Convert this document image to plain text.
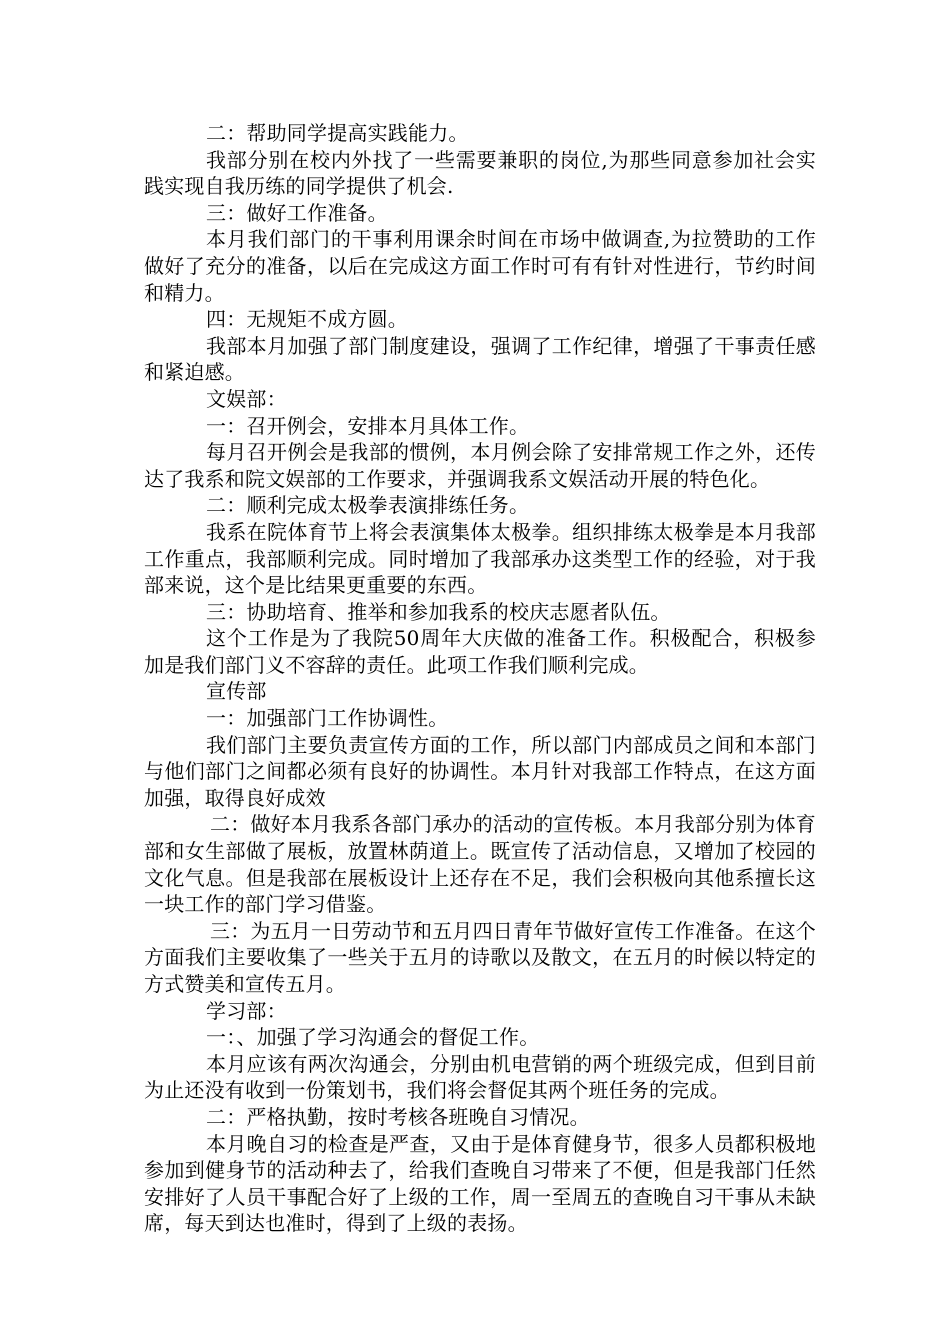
二：帮助同学提高实践能力。

我部分别在校内外找了一些需要兼职的岗位,为那些同意参加社会实践实现自我历练的同学提供了机会.

三：做好工作准备。

本月我们部门的干事利用课余时间在市场中做调查,为拉赞助的工作做好了充分的准备，以后在完成这方面工作时可有有针对性进行，节约时间和精力。

四：无规矩不成方圆。

我部本月加强了部门制度建设，强调了工作纪律，增强了干事责任感和紧迫感。

文娱部：

一：召开例会，安排本月具体工作。

每月召开例会是我部的惯例，本月例会除了安排常规工作之外，还传达了我系和院文娱部的工作要求，并强调我系文娱活动开展的特色化。

二：顺利完成太极拳表演排练任务。

我系在院体育节上将会表演集体太极拳。组织排练太极拳是本月我部工作重点，我部顺利完成。同时增加了我部承办这类型工作的经验，对于我部来说，这个是比结果更重要的东西。

三：协助培育、推举和参加我系的校庆志愿者队伍。

这个工作是为了我院50周年大庆做的准备工作。积极配合，积极参加是我们部门义不容辞的责任。此项工作我们顺利完成。

宣传部

一：加强部门工作协调性。

我们部门主要负责宣传方面的工作，所以部门内部成员之间和本部门与他们部门之间都必须有良好的协调性。本月针对我部工作特点，在这方面加强，取得良好成效

二：做好本月我系各部门承办的活动的宣传板。本月我部分别为体育部和女生部做了展板，放置林荫道上。既宣传了活动信息，又增加了校园的文化气息。但是我部在展板设计上还存在不足，我们会积极向其他系擅长这一块工作的部门学习借鉴。

三：为五月一日劳动节和五月四日青年节做好宣传工作准备。在这个方面我们主要收集了一些关于五月的诗歌以及散文，在五月的时候以特定的方式赞美和宣传五月。

学习部：

一：、加强了学习沟通会的督促工作。

本月应该有两次沟通会，分别由机电营销的两个班级完成，但到目前为止还没有收到一份策划书，我们将会督促其两个班任务的完成。

二：严格执勤，按时考核各班晚自习情况。

本月晚自习的检查是严查，又由于是体育健身节，很多人员都积极地参加到健身节的活动种去了，给我们查晚自习带来了不便，但是我部门任然安排好了人员干事配合好了上级的工作，周一至周五的查晚自习干事从未缺席，每天到达也准时，得到了上级的表扬。
